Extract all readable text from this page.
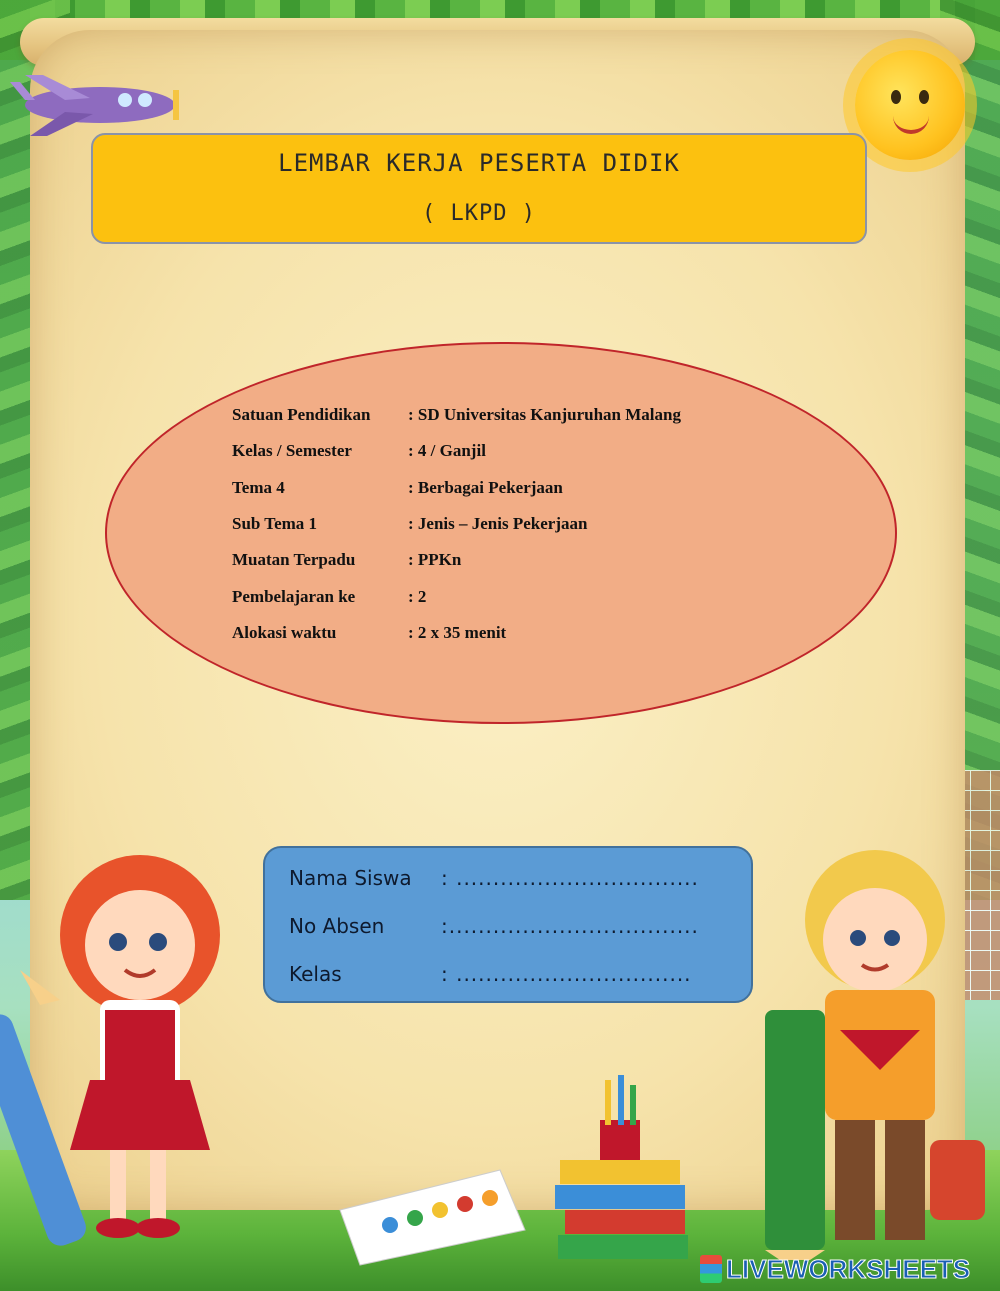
LEMBAR KERJA PESERTA DIDIK
( LKPD )
Satuan Pendidikan : SD Universitas Kanjuruhan Malang
Kelas / Semester	: 4 / Ganjil
Tema 4	: Berbagai Pekerjaan
Sub Tema 1	: Jenis – Jenis Pekerjaan
Muatan Terpadu	: PPKn
Pembelajaran ke	: 2
Alokasi waktu	: 2 x 35 menit
Nama Siswa : .................................
No Absen	:..................................
Kelas	: ................................
LIVEWORKSHEETS
